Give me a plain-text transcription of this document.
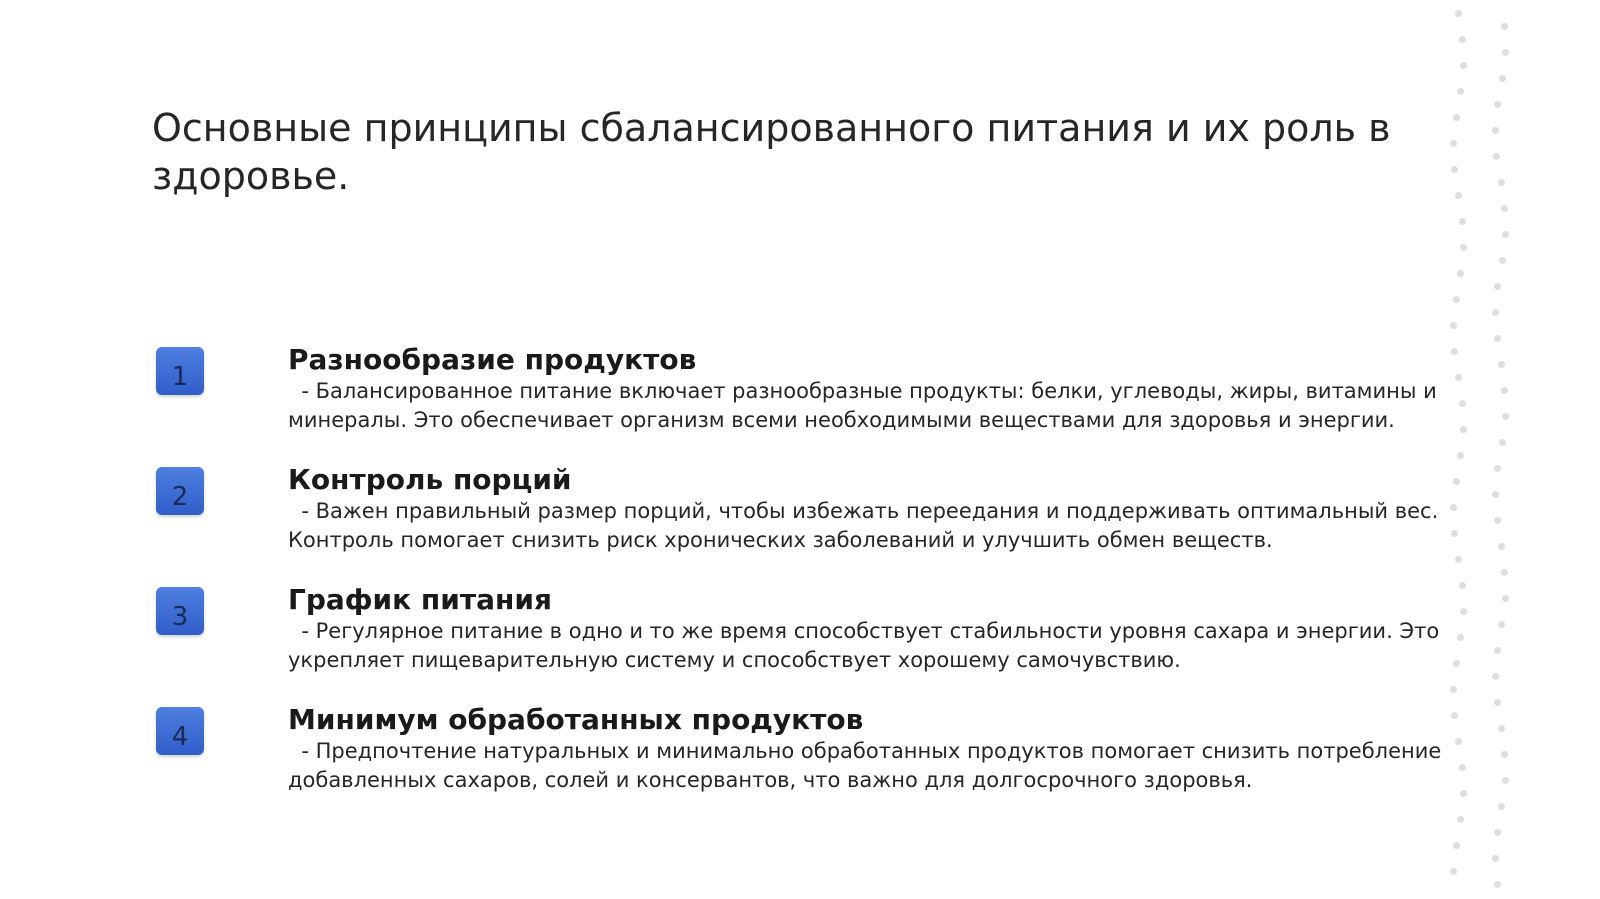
Основные принципы сбалансированного питания и их роль в здоровье.
1
Разнообразие продуктов

- Балансированное питание включает разнообразные продукты: белки, углеводы, жиры, витамины и минералы. Это обеспечивает организм всеми необходимыми веществами для здоровья и энергии.

2
Контроль порций

- Важен правильный размер порций, чтобы избежать переедания и поддерживать оптимальный вес. Контроль помогает снизить риск хронических заболеваний и улучшить обмен веществ.

3
График питания

- Регулярное питание в одно и то же время способствует стабильности уровня сахара и энергии. Это укрепляет пищеварительную систему и способствует хорошему самочувствию.

4
Минимум обработанных продуктов

- Предпочтение натуральных и минимально обработанных продуктов помогает снизить потребление добавленных сахаров, солей и консервантов, что важно для долгосрочного здоровья.
